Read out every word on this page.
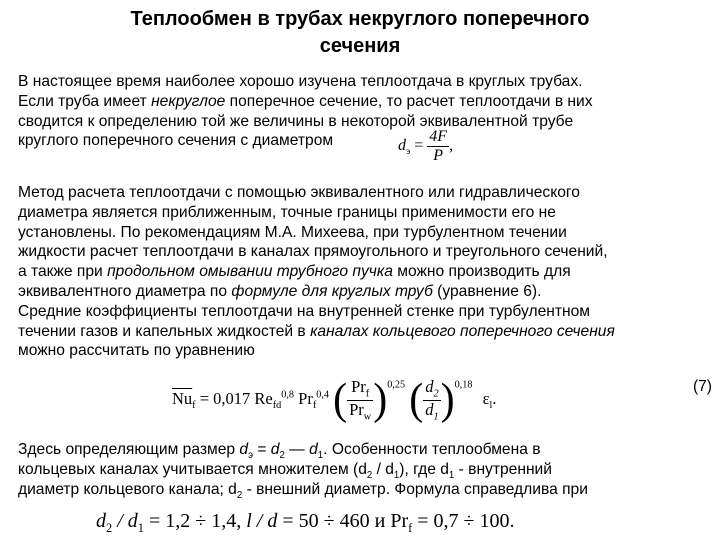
Теплообмен в трубах некруглого поперечного
сечения
В настоящее время наиболее хорошо изучена теплоотдача в круглых трубах.
Если труба имеет некруглое поперечное сечение, то расчет теплоотдачи в них
сводится к определению той же величины в некоторой эквивалентной трубе
круглого поперечного сечения с диаметром	$d_э = \frac{4F}{P}$ ,
Метод расчета теплоотдачи с помощью эквивалентного или гидравлического
диаметра является приближенным, точные границы применимости его не
установлены. По рекомендациям М.А. Михеева, при турбулентном течении
жидкости расчет теплоотдачи в каналах прямоугольного и треугольного сечений,
а также при продольном омывании трубного пучка можно производить для
эквивалентного диаметра по формуле для круглых труб (уравнение 6).
Средние коэффициенты теплоотдачи на внутренней стенке при турбулентном
течении газов и капельных жидкостей в каналах кольцевого поперечного сечения
можно рассчитать по уравнению
(7)
$\overline{Nu}_f = 0,017$ $Re_{fd}^{0,8}$ $Pr_f^{0,4}$ ( $\frac{Pr_f}{Pr_w} )^{0,25}$ ( $\frac{d_2}{d_1} )^{0,18}$ $\varepsilon_l$.
Здесь определяющим размер $d_э = d_2$ — $d_1$. Особенности теплообмена в
кольцевых каналах учитывается множителем $(d_2 / d_1)$, где $d_1$ - внутренний
диаметр кольцевого канала; $d_2$ - внешний диаметр. Формула справедлива при
$d_2 / d_1 = 1,2 \div 1,4$, l / d = 50 ÷ 460 и $Pr_f = 0,7 \div 100$.
